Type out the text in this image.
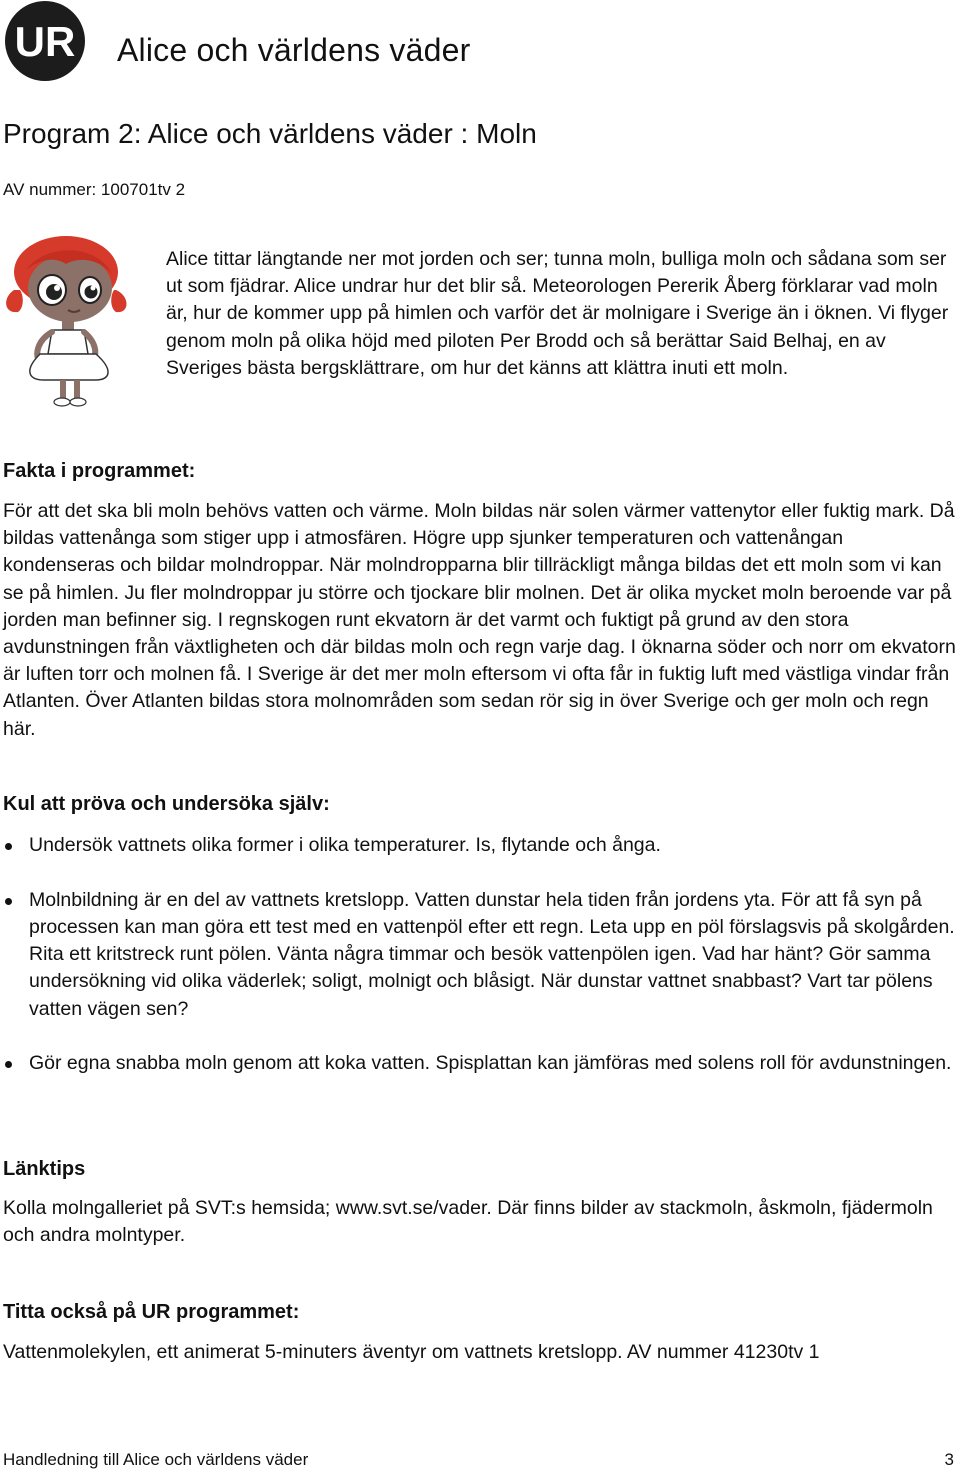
UR Alice och världens väder
Program 2: Alice och världens väder : Moln
AV nummer: 100701tv 2

Alice tittar längtande ner mot jorden och ser; tunna moln, bulliga moln och sådana som ser ut som fjädrar. Alice undrar hur det blir så. Meteorologen Pererik Åberg förklarar vad moln är, hur de kommer upp på himlen och varför det är molnigare i Sverige än i öknen. Vi flyger genom moln på olika höjd med piloten Per Brodd och så berättar Said Belhaj, en av Sveriges bästa bergsklättrare, om hur det känns att klättra inuti ett moln.

Fakta i programmet:

För att det ska bli moln behövs vatten och värme. Moln bildas när solen värmer vattenytor eller fuktig mark. Då bildas vattenånga som stiger upp i atmosfären. Högre upp sjunker temperaturen och vattenångan kondenseras och bildar molndroppar. När molndropparna blir tillräckligt många bildas det ett moln som vi kan se på himlen. Ju fler molndroppar ju större och tjockare blir molnen. Det är olika mycket moln beroende var på jorden man befinner sig. I regnskogen runt ekvatorn är det varmt och fuktigt på grund av den stora avdunstningen från växtligheten och där bildas moln och regn varje dag. I öknarna söder och norr om ekvatorn är luften torr och molnen få. I Sverige är det mer moln eftersom vi ofta får in fuktig luft med västliga vindar från Atlanten. Över Atlanten bildas stora molnområden som sedan rör sig in över Sverige och ger moln och regn här.

Kul att pröva och undersöka själv:
Undersök vattnets olika former i olika temperaturer. Is, flytande och ånga.
Molnbildning är en del av vattnets kretslopp. Vatten dunstar hela tiden från jordens yta. För att få syn på processen kan man göra ett test med en vattenpöl efter ett regn. Leta upp en pöl förslagsvis på skolgården. Rita ett kritstreck runt pölen. Vänta några timmar och besök vattenpölen igen. Vad har hänt? Gör samma undersökning vid olika väderlek; soligt, molnigt och blåsigt. När dunstar vattnet snabbast? Vart tar pölens vatten vägen sen?
Gör egna snabba moln genom att koka vatten. Spisplattan kan jämföras med solens roll för avdunstningen.
Länktips

Kolla molngalleriet på SVT:s hemsida; www.svt.se/vader. Där finns bilder av stackmoln, åskmoln, fjädermoln och andra molntyper.

Titta också på UR programmet:

Vattenmolekylen, ett animerat 5-minuters äventyr om vattnets kretslopp. AV nummer 41230tv 1

Handledning till Alice och världens väder	3
